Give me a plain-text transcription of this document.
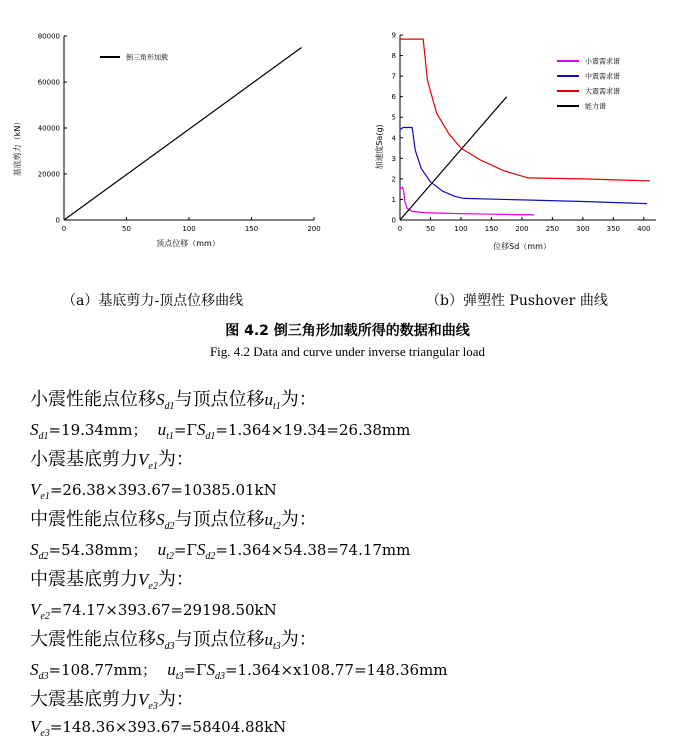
0	50	100	150	200
0
20000
40000
60000
80000
倒三角形加载
顶点位移（mm）
基底剪力（kN）
0	50	100 150 200 250 300 350 400
0
1
2
3
4
5
6
7
8
9
小震需求谱
中震需求谱
大震需求谱
能力谱
位移Sd（mm）
加速度Sa(g)
（a）基底剪力-顶点位移曲线	（b）弹塑性 Pushover 曲线
图 4.2 倒三角形加载所得的数据和曲线
Fig. 4.2 Data and curve under inverse triangular load
小震性能点位移$S_{d1}$与顶点位移$u_{t1}$为：
$S_{d1}=19.34mm$； $u_{t1}=\Gamma S_{d1}=1.364\times 19.34=26.38mm$
小震基底剪力$V_{e1}$为：
$V_{e1}=26.38\times 393.67=10385.01kN$
中震性能点位移$S_{d2}$与顶点位移$u_{t2}$为：
$S_{d2}=54.38mm$； $u_{t2}=\Gamma S_{d2}=1.364\times 54.38=74.17mm$
中震基底剪力$V_{e2}$为：
$V_{e2}=74.17\times 393.67=29198.50kN$
大震性能点位移$S_{d3}$与顶点位移$u_{t3}$为：
$S_{d3}=108.77mm$； $u_{t3}=\Gamma S_{d3}=1.364\times x108.77=148.36mm$
大震基底剪力$V_{e3}$为：
$V_{e3}=148.36\times 393.67=58404.88kN$
